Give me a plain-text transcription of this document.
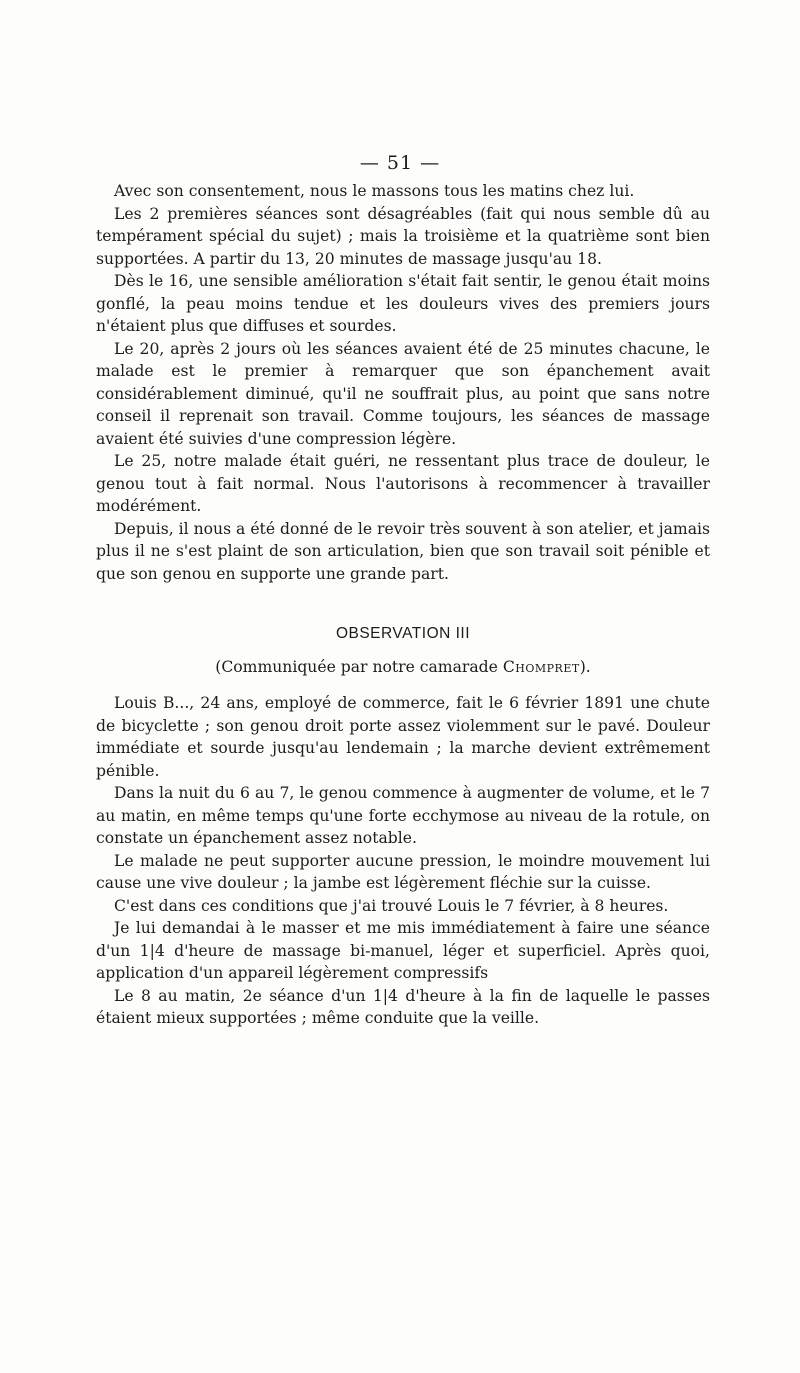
— 51 —

Avec son consentement, nous le massons tous les matins chez lui.

Les 2 premières séances sont désagréables (fait qui nous semble dû au tempérament spécial du sujet) ; mais la troisième et la quatrième sont bien supportées. A partir du 13, 20 minutes de massage jusqu'au 18.

Dès le 16, une sensible amélioration s'était fait sentir, le genou était moins gonflé, la peau moins tendue et les douleurs vives des premiers jours n'étaient plus que diffuses et sourdes.

Le 20, après 2 jours où les séances avaient été de 25 minutes chacune, le malade est le premier à remarquer que son épanchement avait considérablement diminué, qu'il ne souffrait plus, au point que sans notre conseil il reprenait son travail. Comme toujours, les séances de massage avaient été suivies d'une compression légère.

Le 25, notre malade était guéri, ne ressentant plus trace de douleur, le genou tout à fait normal. Nous l'autorisons à recommencer à travailler modérément.

Depuis, il nous a été donné de le revoir très souvent à son atelier, et jamais plus il ne s'est plaint de son articulation, bien que son travail soit pénible et que son genou en supporte une grande part.

OBSERVATION III

(Communiquée par notre camarade Chompret).

Louis B..., 24 ans, employé de commerce, fait le 6 février 1891 une chute de bicyclette ; son genou droit porte assez violemment sur le pavé. Douleur immédiate et sourde jusqu'au lendemain ; la marche devient extrêmement pénible.

Dans la nuit du 6 au 7, le genou commence à augmenter de volume, et le 7 au matin, en même temps qu'une forte ecchymose au niveau de la rotule, on constate un épanchement assez notable.

Le malade ne peut supporter aucune pression, le moindre mouvement lui cause une vive douleur ; la jambe est légèrement fléchie sur la cuisse.

C'est dans ces conditions que j'ai trouvé Louis le 7 février, à 8 heures.

Je lui demandai à le masser et me mis immédiatement à faire une séance d'un 1|4 d'heure de massage bi-manuel, léger et superficiel. Après quoi, application d'un appareil légèrement compressifs

Le 8 au matin, 2e séance d'un 1|4 d'heure à la fin de laquelle le passes étaient mieux supportées ; même conduite que la veille.
